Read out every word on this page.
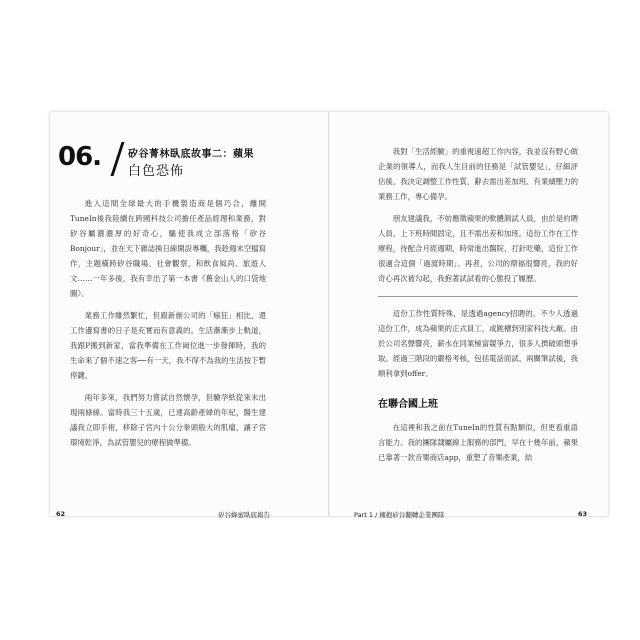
06.	矽谷菁林臥底故事二：蘋果
白色恐佈

進入這間全球最大的手機製造商是個巧合，離開TuneIn後我陸續在跨國科技公司擔任產品經理和業務，對矽谷屬濃濃厚的好奇心，驅使我成立部落格「矽谷Bonjour」，並在天下雜誌換日線開設專欄，我趁週末空檔寫作，主題橫跨矽谷職場、社會觀察，和飲食風尚、旅遊人文……一年多後，我有幸出了第一本書《舊金山人的口袋地圖》。

業務工作雖然繁忙，但跟新創公司的「瘋狂」相比，還工作邊寫書的日子是充實而有意義的。生活漸漸步上軌道，我跟P搬到新家，當我準備在工作崗位進一步發揮時，我的生命來了個不速之客──有一天，我不得不為我的生活按下暫停鍵。

兩年多來，我們努力嘗試自然懷孕，但驗孕紙從來未出現兩條線。當時我三十五歲，已達高齡產婦的年紀，醫生建議我立即手術，移除子宮內十公分拳頭般大的肌瘤，讓子宮環境乾淨，為試管嬰兒的療程做準備。

62	矽谷蜂蜜臥底報告

我對「生活經驗」的重視遠超工作內容，我並沒有野心做企業的領導人，而我人生目前的任務是「試管嬰兒」，仔細評估後，我決定調整工作性質，辭去需出差加班、有業績壓力的業務工作，專心備孕。

朋友建議我，不妨應徵蘋果的軟體測試人員，由於是約聘人員，上下班時間固定，且不需出差和加班。這份工作在工作療程，待配合月經週期，時常進出醫院、打針吃藥，這份工作很適合這個「過渡時期」。再者，公司的鼎福很響亮，我的好奇心再次被勾起，我抱著試試看的心態投了履歷。

這份工作性質特殊，是透過agency招聘的。不少人透過這份工作，成為蘋果的正式員工，或跳槽到別家科技大廠。由於公司名聲響亮，薪水在同業極富競爭力，很多人擠破頭想爭取。經過三階段的嚴格考核，包括電話面試、兩關筆試後，我順利拿到offer。

在聯合國上班

在這裡和我之前在TuneIn的性質有點類似，但更看重語言能力。我的團隊隸屬線上服務的部門，早在十幾年前，蘋果已靠著一款音樂商店app，重塑了音樂產業，結

Part 1 / 擁抱矽谷翻轉企業團隊	63
